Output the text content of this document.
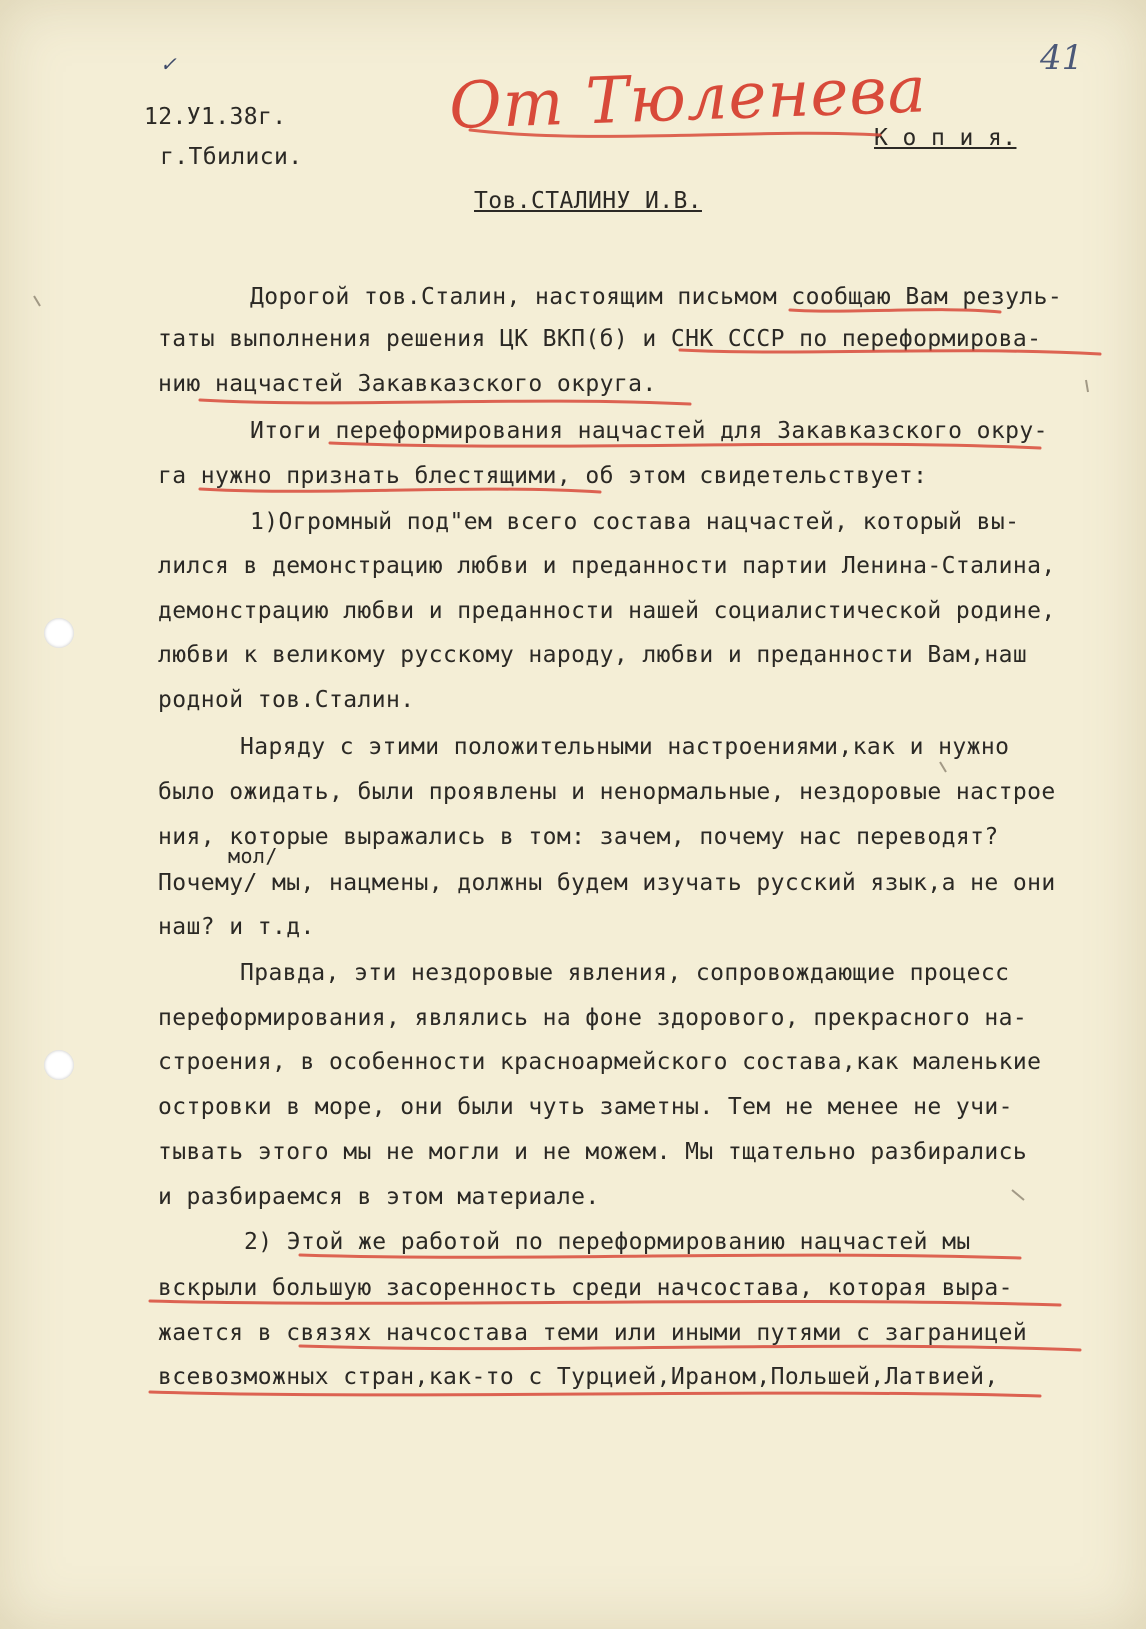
✓	41
12.У1.38г.
г.Тбилиси.
От Тюленева
К о п и я.
Тов.СТАЛИНУ И.В.
Дорогой тов.Сталин, настоящим письмом сообщаю Вам резуль-
таты выполнения решения ЦК ВКП(б) и СНК СССР по переформирова-
нию нацчастей Закавказского округа.
Итоги переформирования нацчастей для Закавказского окру-
га нужно признать блестящими, об этом свидетельствует:
1)Огромный под"ем всего состава нацчастей, который вы-
лился в демонстрацию любви и преданности партии Ленина-Сталина,
демонстрацию любви и преданности нашей социалистической родине,
любви к великому русскому народу, любви и преданности Вам,наш
родной тов.Сталин.
Наряду с этими положительными настроениями,как и нужно
было ожидать, были проявлены и ненормальные, нездоровые настрое
ния, которые выражались в том: зачем, почему нас переводят?
мол/
Почему/ мы, нацмены, должны будем изучать русский язык,а не они
наш? и т.д.
Правда, эти нездоровые явления, сопровождающие процесс
переформирования, являлись на фоне здорового, прекрасного на-
строения, в особенности красноармейского состава,как маленькие
островки в море, они были чуть заметны. Тем не менее не учи-
тывать этого мы не могли и не можем. Мы тщательно разбирались
и разбираемся в этом материале.
2) Этой же работой по переформированию нацчастей мы
вскрыли большую засоренность среди начсостава, которая выра-
жается в связях начсостава теми или иными путями с заграницей
всевозможных стран,как-то с Турцией,Ираном,Польшей,Латвией,
